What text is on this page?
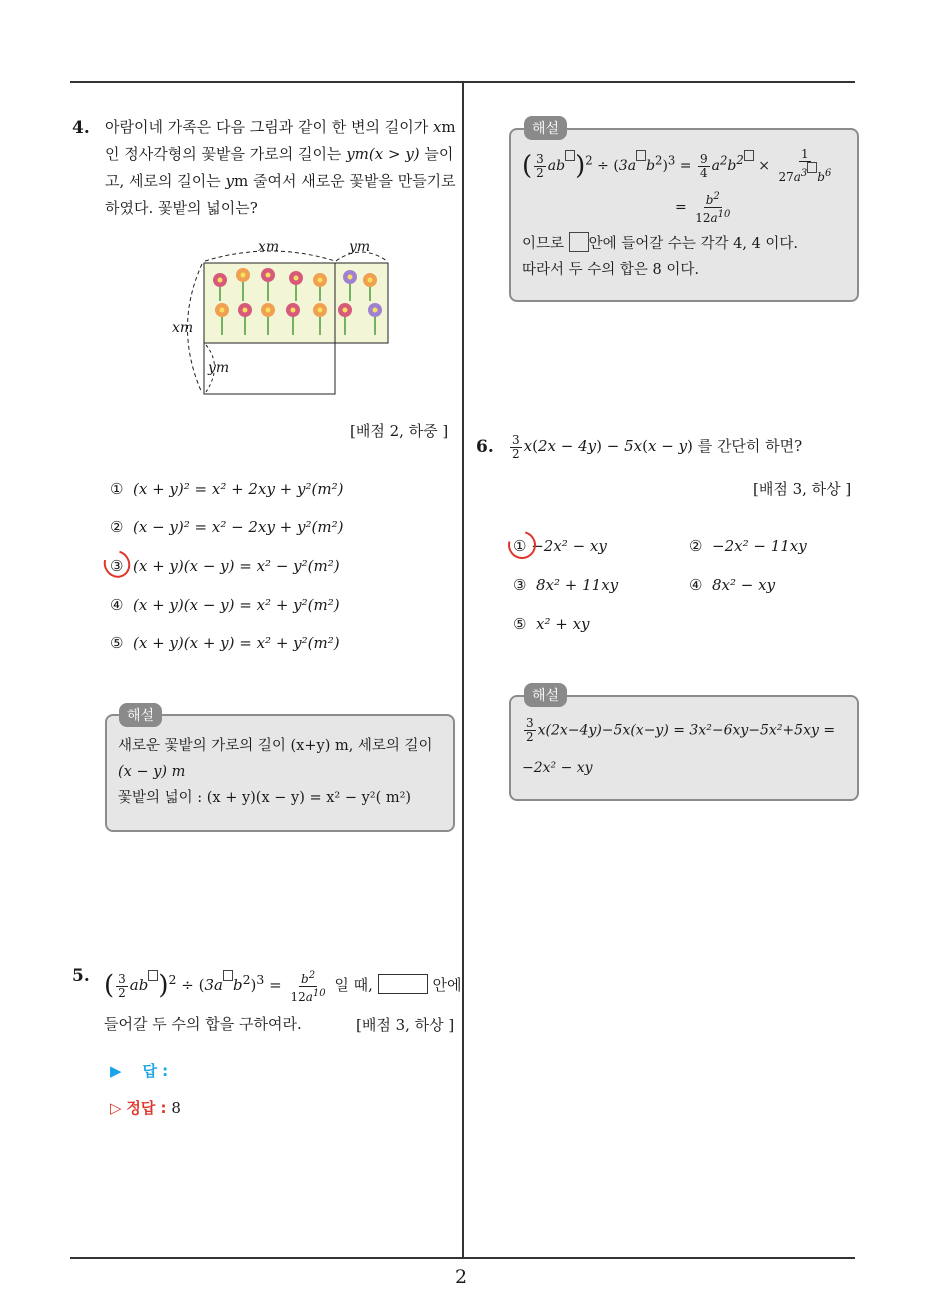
2
4. 아람이네 가족은 다음 그림과 같이 한 변의 길이가 xm
인 정사각형의 꽃밭을 가로의 길이는 ym(x > y) 늘이
고, 세로의 길이는 ym 줄여서 새로운 꽃밭을 만들기로
하였다. 꽃밭의 넓이는?
xm	ym
xm
ym
[배점 2, 하중 ]
① (x + y)² = x² + 2xy + y²(m²)
② (x − y)² = x² − 2xy + y²(m²)
③ (x + y)(x − y) = x² − y²(m²)
④ (x + y)(x − y) = x² + y²(m²)
⑤ (x + y)(x + y) = x² + y²(m²)
해설
새로운 꽃밭의 가로의 길이 (x+y) m, 세로의 길이
(x − y) m
꽃밭의 넓이 : (x + y)(x − y) = x² − y²( m²)
5. ( $\frac{3}{2}$ ab )$^2$ ÷ (3a $b^2)^3 = \frac{b^2}{12a^{10}}$ 일 때,	안에
들어갈 두 수의 합을 구하여라.	[배점 3, 하상 ]
▶ 답 :
▷ 정답 : 8
해설
( $\frac{3}{2}$ ab )$^2$ ÷ (3a $b^2)^3 = \frac{9}{4} a^2b^2 \times \frac{1}{27a^3 b^6}$
= $\frac{b^2}{12a^{10}}$
이므로 안에 들어갈 수는 각각 4, 4 이다.
따라서 두 수의 합은 8 이다.
6. $\frac{3}{2} x(2x - 4y) - 5x(x - y)$ 를 간단히 하면?
[배점 3, 하상 ]
① −2x² − xy	② −2x² − 11xy
③ 8x² + 11xy	④ 8x² − xy
⑤ x² + xy
해설
$\frac{3}{2} x(2x-4y)-5x(x-y) = 3x^2-6xy-5x^2+5xy$ =
−2x² − xy
